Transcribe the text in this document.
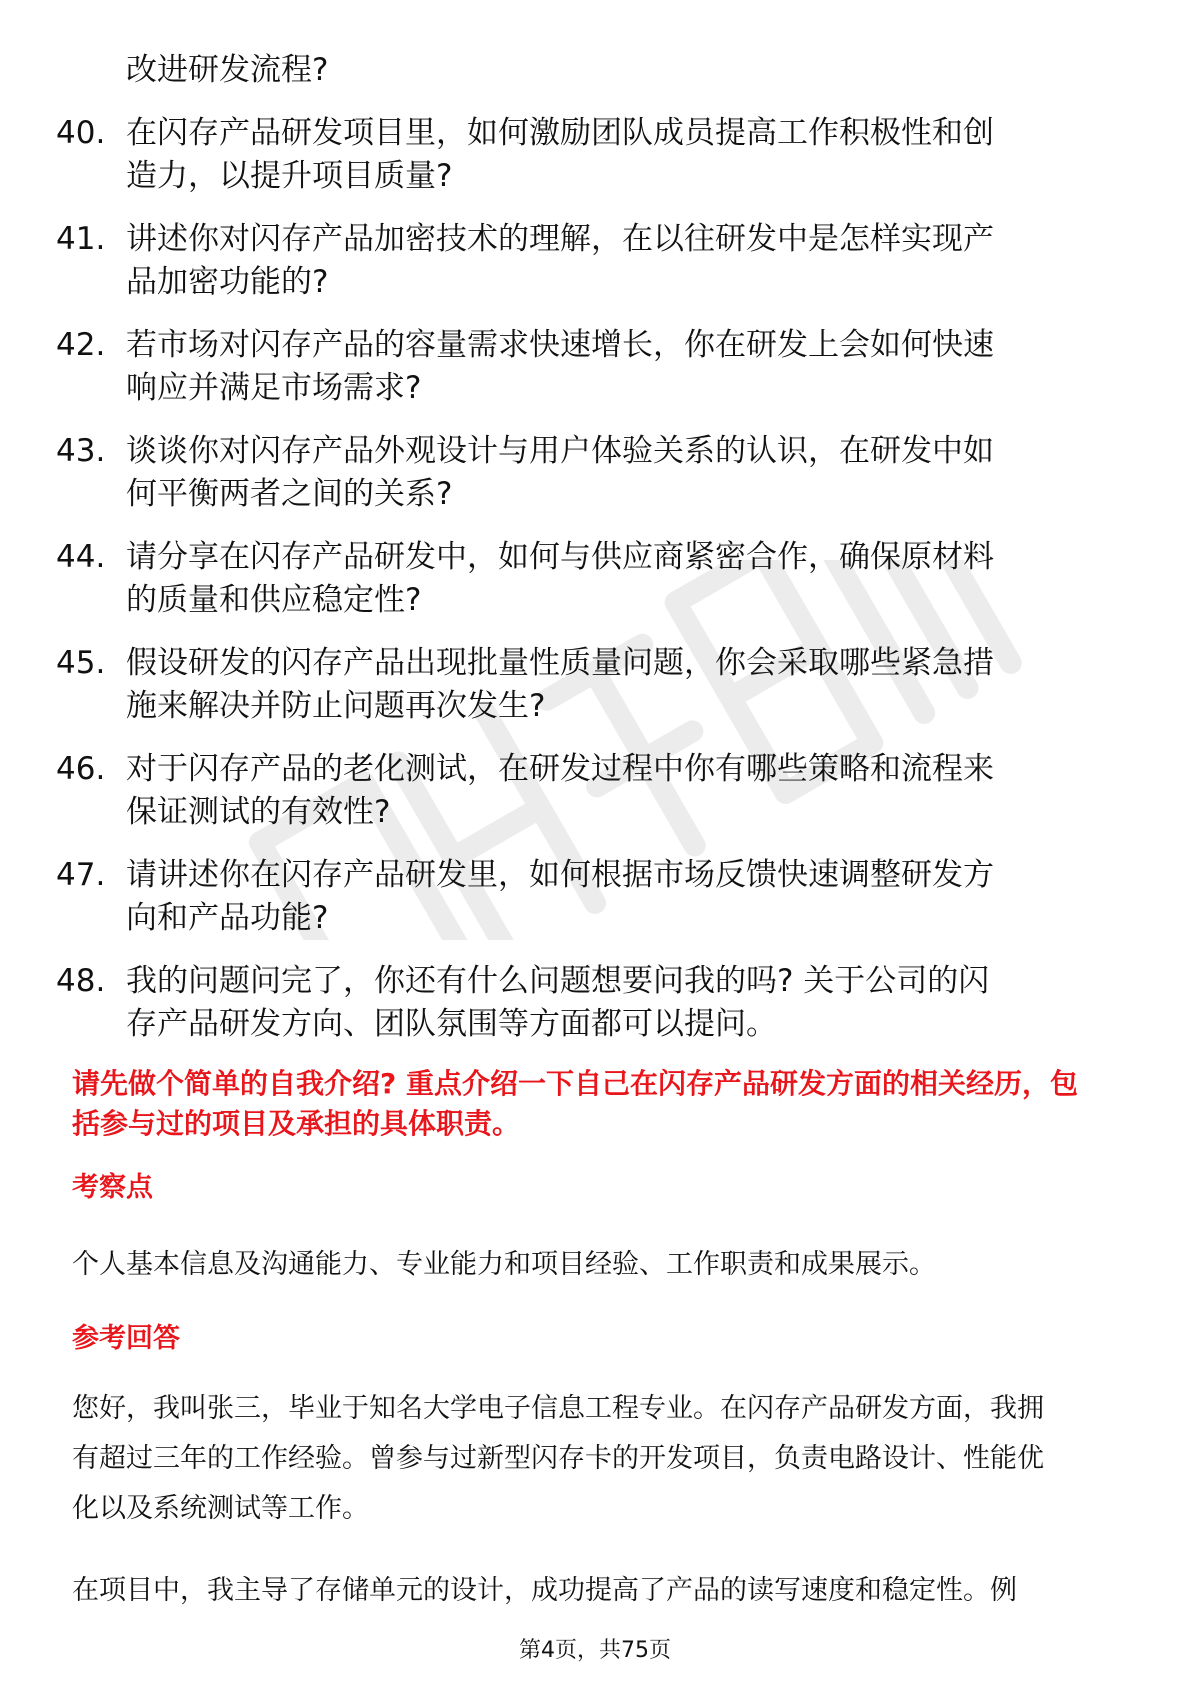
改进研发流程?
40. 在闪存产品研发项目里，如何激励团队成员提高工作积极性和创
造力，以提升项目质量?
41. 讲述你对闪存产品加密技术的理解，在以往研发中是怎样实现产
品加密功能的?
42. 若市场对闪存产品的容量需求快速增长，你在研发上会如何快速
响应并满足市场需求?
43. 谈谈你对闪存产品外观设计与用户体验关系的认识，在研发中如
何平衡两者之间的关系?
44. 请分享在闪存产品研发中，如何与供应商紧密合作，确保原材料
的质量和供应稳定性?
45. 假设研发的闪存产品出现批量性质量问题，你会采取哪些紧急措
施来解决并防止问题再次发生?
46. 对于闪存产品的老化测试，在研发过程中你有哪些策略和流程来
保证测试的有效性?
47. 请讲述你在闪存产品研发里，如何根据市场反馈快速调整研发方
向和产品功能?
48. 我的问题问完了，你还有什么问题想要问我的吗? 关于公司的闪
存产品研发方向、团队氛围等方面都可以提问。
请先做个简单的自我介绍? 重点介绍一下自己在闪存产品研发方面的相关经历，包
括参与过的项目及承担的具体职责。
考察点
个人基本信息及沟通能力、专业能力和项目经验、工作职责和成果展示。
参考回答
您好，我叫张三，毕业于知名大学电子信息工程专业。在闪存产品研发方面，我拥
有超过三年的工作经验。曾参与过新型闪存卡的开发项目，负责电路设计、性能优
化以及系统测试等工作。
在项目中，我主导了存储单元的设计，成功提高了产品的读写速度和稳定性。例
第4页，共75页
